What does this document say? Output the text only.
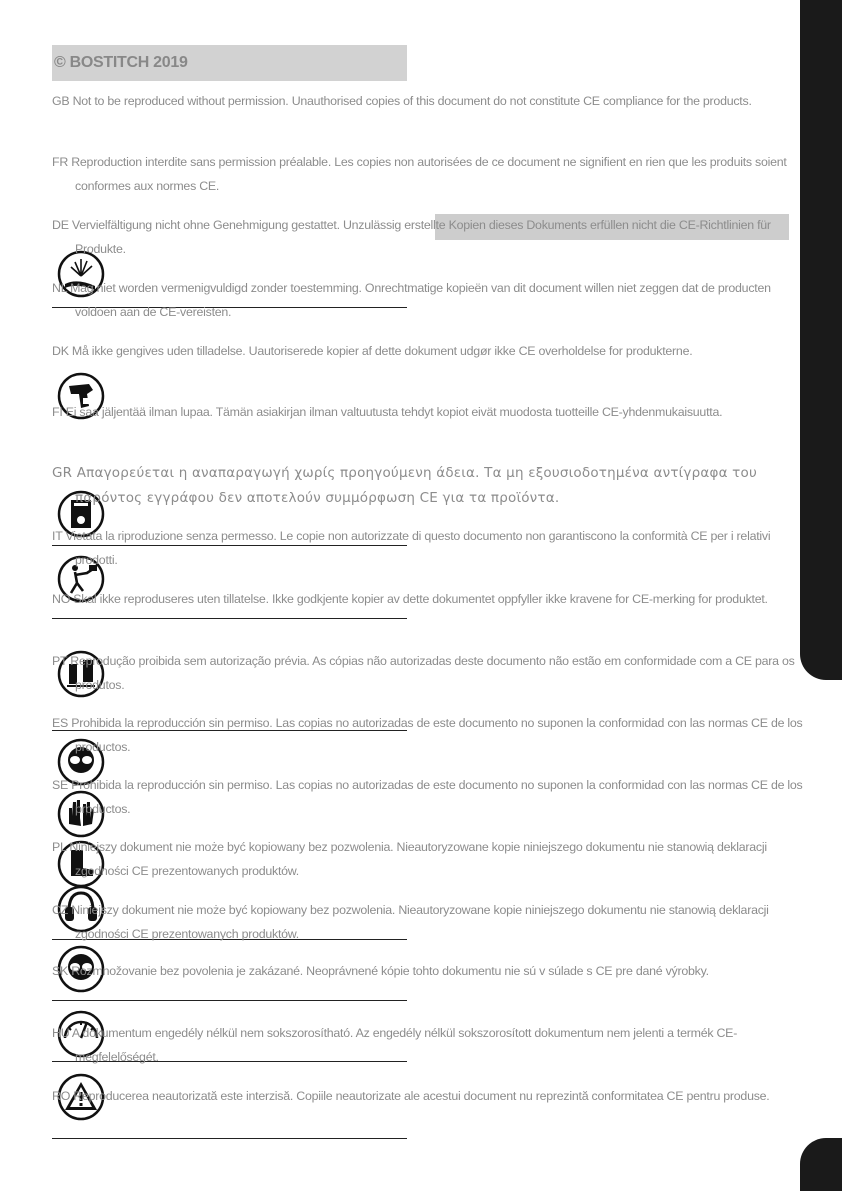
© BOSTITCH 2019

GB Not to be reproduced without permission. Unauthorised copies of this document do not constitute CE compliance for the products.

FR Reproduction interdite sans permission préalable. Les copies non autorisées de ce document ne signifient en rien que les produits soient conformes aux normes CE.

DE Vervielfältigung nicht ohne Genehmigung gestattet. Unzulässig erstellte Kopien dieses Dokuments erfüllen nicht die CE-Richtlinien für Produkte.

NL Mag niet worden vermenigvuldigd zonder toestemming. Onrechtmatige kopieën van dit document willen niet zeggen dat de producten voldoen aan de CE-vereisten.

DK Må ikke gengives uden tilladelse. Uautoriserede kopier af dette dokument udgør ikke CE overholdelse for produkterne.

FI Ei saa jäljentää ilman lupaa. Tämän asiakirjan ilman valtuutusta tehdyt kopiot eivät muodosta tuotteille CE-yhdenmukaisuutta.

GR Απαγορεύεται η αναπαραγωγή χωρίς προηγούμενη άδεια. Τα μη εξουσιοδοτημένα αντίγραφα του παρόντος εγγράφου δεν αποτελούν συμμόρφωση CE για τα προϊόντα.

IT Vietata la riproduzione senza permesso. Le copie non autorizzate di questo documento non garantiscono la conformità CE per i relativi prodotti.

NO Skal ikke reproduseres uten tillatelse. Ikke godkjente kopier av dette dokumentet oppfyller ikke kravene for CE-merking for produktet.

PT Reprodução proibida sem autorização prévia. As cópias não autorizadas deste documento não estão em conformidade com a CE para os produtos.

ES Prohibida la reproducción sin permiso. Las copias no autorizadas de este documento no suponen la conformidad con las normas CE de los productos.

SE Prohibida la reproducción sin permiso. Las copias no autorizadas de este documento no suponen la conformidad con las normas CE de los productos.

PL Niniejszy dokument nie może być kopiowany bez pozwolenia. Nieautoryzowane kopie niniejszego dokumentu nie stanowią deklaracji zgodności CE prezentowanych produktów.

CZ Niniejszy dokument nie może być kopiowany bez pozwolenia. Nieautoryzowane kopie niniejszego dokumentu nie stanowią deklaracji zgodności CE prezentowanych produktów.

SK Rozmnožovanie bez povolenia je zakázané. Neoprávnené kópie tohto dokumentu nie sú v súlade s CE pre dané výrobky.

HU A dokumentum engedély nélkül nem sokszorosítható. Az engedély nélkül sokszorosított dokumentum nem jelenti a termék CE-megfelelőségét.

RO Reproducerea neautorizată este interzisă. Copiile neautorizate ale acestui document nu reprezintă conformitatea CE pentru produse.
